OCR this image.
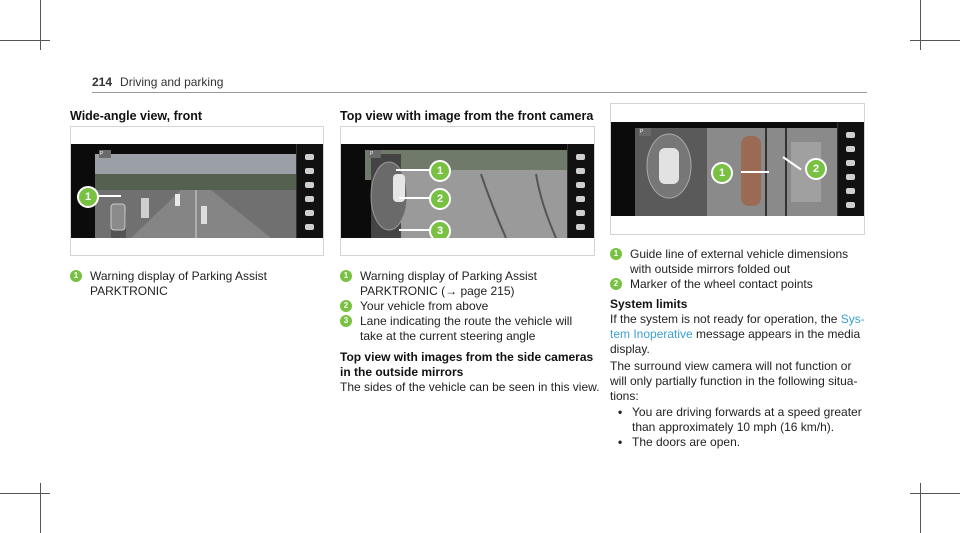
214 Driving and parking
Wide-angle view, front
P
1
1 Warning display of Parking Assist
PARKTRONIC
Top view with image from the front camera
P
1
2
3
1 Warning display of Parking Assist
PARKTRONIC (→ page 215)
2 Your vehicle from above
3 Lane indicating the route the vehicle will
take at the current steering angle
Top view with images from the side cameras
in the outside mirrors
The sides of the vehicle can be seen in this view.
P
1	2
1 Guide line of external vehicle dimensions
with outside mirrors folded out
2 Marker of the wheel contact points
System limits
If the system is not ready for operation, the Sys-
tem Inoperative message appears in the media
display.
The surround view camera will not function or
will only partially function in the following situa-
tions:
• You are driving forwards at a speed greater
than approximately 10 mph (16 km/h).
• The doors are open.
